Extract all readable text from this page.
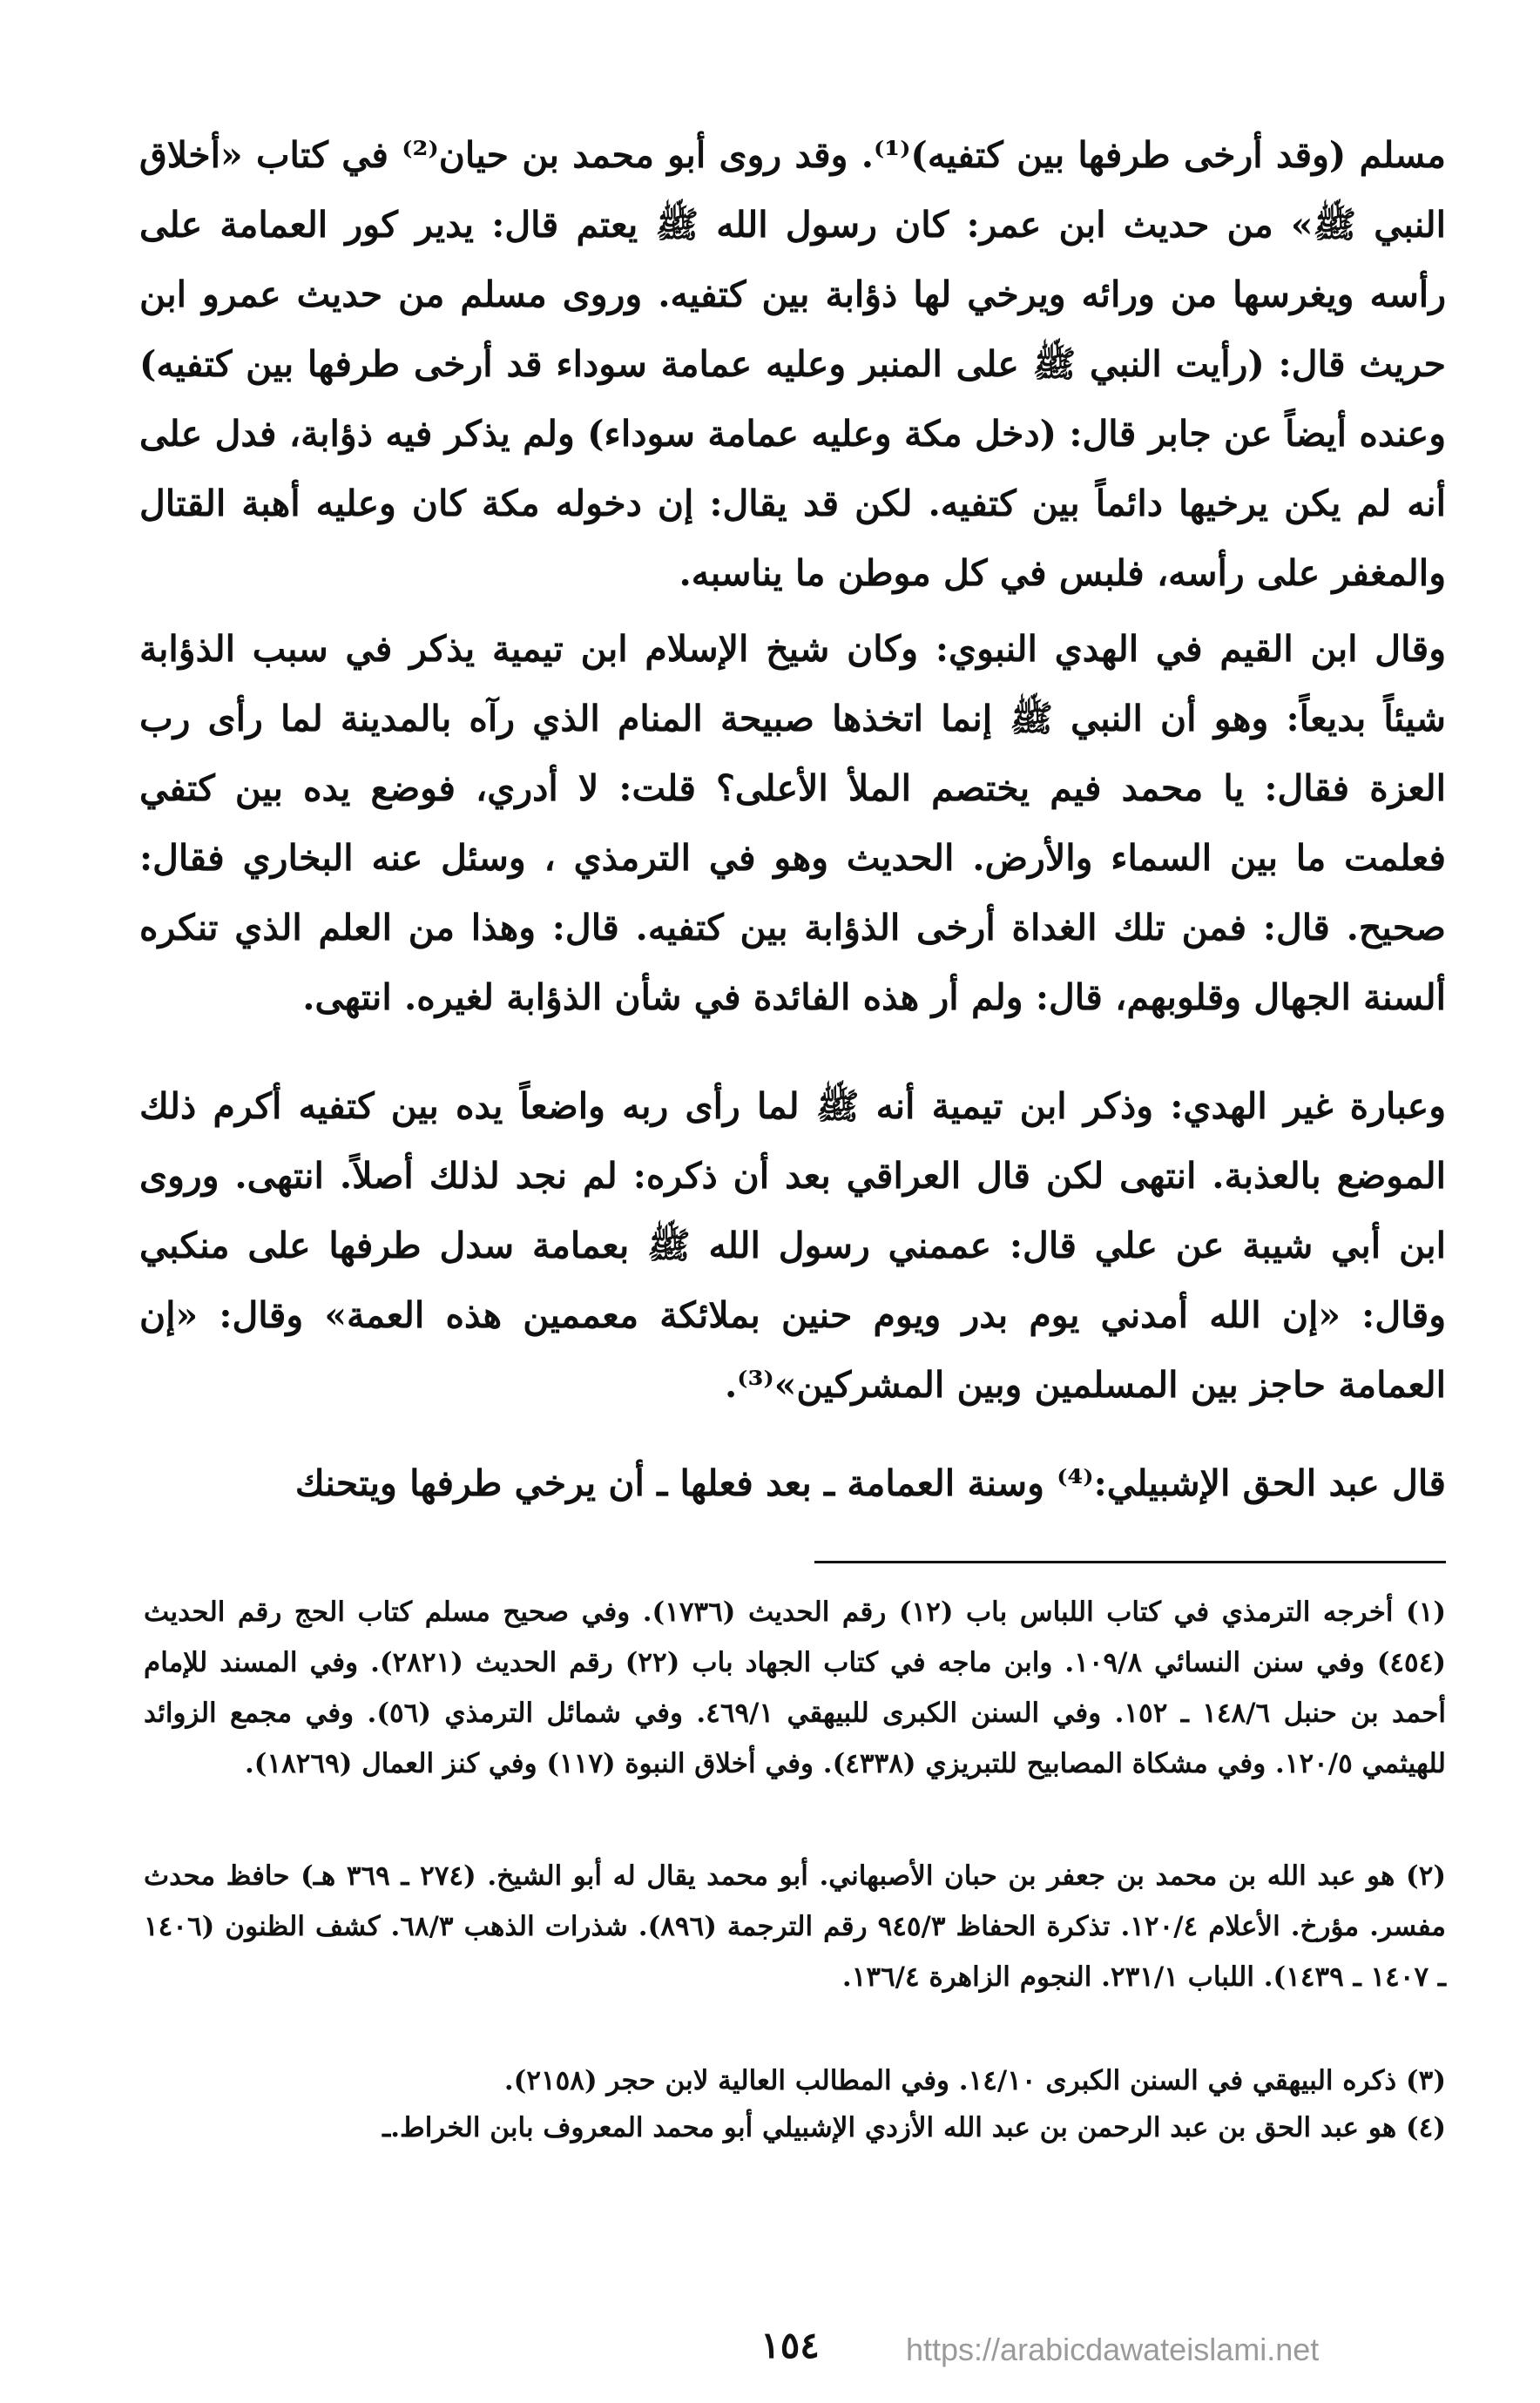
مسلم (وقد أرخى طرفها بين كتفيه)⁽¹⁾. وقد روى أبو محمد بن حيان⁽²⁾ في كتاب «أخلاق النبي ﷺ» من حديث ابن عمر: كان رسول الله ﷺ يعتم قال: يدير كور العمامة على رأسه ويغرسها من ورائه ويرخي لها ذؤابة بين كتفيه. وروى مسلم من حديث عمرو ابن حريث قال: (رأيت النبي ﷺ على المنبر وعليه عمامة سوداء قد أرخى طرفها بين كتفيه) وعنده أيضاً عن جابر قال: (دخل مكة وعليه عمامة سوداء) ولم يذكر فيه ذؤابة، فدل على أنه لم يكن يرخيها دائماً بين كتفيه. لكن قد يقال: إن دخوله مكة كان وعليه أهبة القتال والمغفر على رأسه، فلبس في كل موطن ما يناسبه.

وقال ابن القيم في الهدي النبوي: وكان شيخ الإسلام ابن تيمية يذكر في سبب الذؤابة شيئاً بديعاً: وهو أن النبي ﷺ إنما اتخذها صبيحة المنام الذي رآه بالمدينة لما رأى رب العزة فقال: يا محمد فيم يختصم الملأ الأعلى؟ قلت: لا أدري، فوضع يده بين كتفي فعلمت ما بين السماء والأرض. الحديث وهو في الترمذي ، وسئل عنه البخاري فقال: صحيح. قال: فمن تلك الغداة أرخى الذؤابة بين كتفيه. قال: وهذا من العلم الذي تنكره ألسنة الجهال وقلوبهم، قال: ولم أر هذه الفائدة في شأن الذؤابة لغيره. انتهى.

وعبارة غير الهدي: وذكر ابن تيمية أنه ﷺ لما رأى ربه واضعاً يده بين كتفيه أكرم ذلك الموضع بالعذبة. انتهى لكن قال العراقي بعد أن ذكره: لم نجد لذلك أصلاً. انتهى. وروى ابن أبي شيبة عن علي قال: عممني رسول الله ﷺ بعمامة سدل طرفها على منكبي وقال: «إن الله أمدني يوم بدر ويوم حنين بملائكة معممين هذه العمة» وقال: «إن العمامة حاجز بين المسلمين وبين المشركين»⁽³⁾.

قال عبد الحق الإشبيلي:⁽⁴⁾ وسنة العمامة ـ بعد فعلها ـ أن يرخي طرفها ويتحنك

(١) أخرجه الترمذي في كتاب اللباس باب (١٢) رقم الحديث (١٧٣٦). وفي صحيح مسلم كتاب الحج رقم الحديث (٤٥٤) وفي سنن النسائي ١٠٩/٨. وابن ماجه في كتاب الجهاد باب (٢٢) رقم الحديث (٢٨٢١). وفي المسند للإمام أحمد بن حنبل ١٤٨/٦ ـ ١٥٢. وفي السنن الكبرى للبيهقي ٤٦٩/١. وفي شمائل الترمذي (٥٦). وفي مجمع الزوائد للهيثمي ١٢٠/٥. وفي مشكاة المصابيح للتبريزي (٤٣٣٨). وفي أخلاق النبوة (١١٧) وفي كنز العمال (١٨٢٦٩).

(٢) هو عبد الله بن محمد بن جعفر بن حبان الأصبهاني. أبو محمد يقال له أبو الشيخ. (٢٧٤ ـ ٣٦٩ هـ) حافظ محدث مفسر. مؤرخ. الأعلام ١٢٠/٤. تذكرة الحفاظ ٩٤٥/٣ رقم الترجمة (٨٩٦). شذرات الذهب ٦٨/٣. كشف الظنون (١٤٠٦ ـ ١٤٠٧ ـ ١٤٣٩). اللباب ٢٣١/١. النجوم الزاهرة ١٣٦/٤.

(٣) ذكره البيهقي في السنن الكبرى ١٤/١٠. وفي المطالب العالية لابن حجر (٢١٥٨).

(٤) هو عبد الحق بن عبد الرحمن بن عبد الله الأزدي الإشبيلي أبو محمد المعروف بابن الخراط.ـ

١٥٤	https://arabicdawateislami.net
